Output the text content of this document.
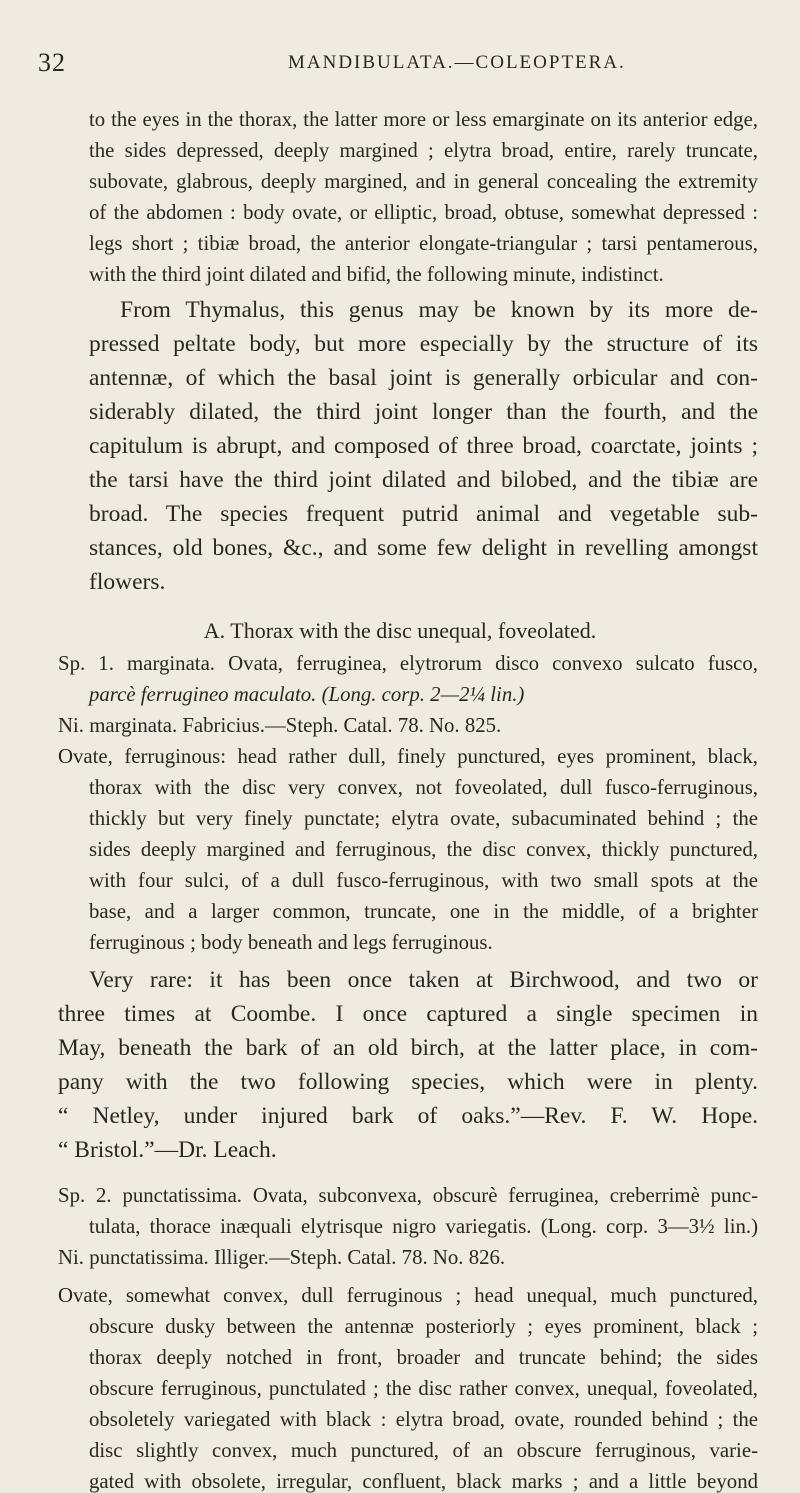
32	MANDIBULATA.—COLEOPTERA.
to the eyes in the thorax, the latter more or less emarginate on its anterior edge,
the sides depressed, deeply margined ; elytra broad, entire, rarely truncate,
subovate, glabrous, deeply margined, and in general concealing the extremity
of the abdomen : body ovate, or elliptic, broad, obtuse, somewhat depressed :
legs short ; tibiæ broad, the anterior elongate-triangular ; tarsi pentamerous,
with the third joint dilated and bifid, the following minute, indistinct.
From Thymalus, this genus may be known by its more de-
pressed peltate body, but more especially by the structure of its
antennæ, of which the basal joint is generally orbicular and con-
siderably dilated, the third joint longer than the fourth, and the
capitulum is abrupt, and composed of three broad, coarctate, joints ;
the tarsi have the third joint dilated and bilobed, and the tibiæ are
broad. The species frequent putrid animal and vegetable sub-
stances, old bones, &c., and some few delight in revelling amongst
flowers.
A. Thorax with the disc unequal, foveolated.
Sp. 1. marginata. Ovata, ferruginea, elytrorum disco convexo sulcato fusco,
parcè ferrugineo maculato. (Long. corp. 2—2¼ lin.)
Ni. marginata. Fabricius.—Steph. Catal. 78. No. 825.
Ovate, ferruginous: head rather dull, finely punctured, eyes prominent, black,
thorax with the disc very convex, not foveolated, dull fusco-ferruginous,
thickly but very finely punctate; elytra ovate, subacuminated behind ; the
sides deeply margined and ferruginous, the disc convex, thickly punctured,
with four sulci, of a dull fusco-ferruginous, with two small spots at the
base, and a larger common, truncate, one in the middle, of a brighter
ferruginous ; body beneath and legs ferruginous.
Very rare: it has been once taken at Birchwood, and two or
three times at Coombe. I once captured a single specimen in
May, beneath the bark of an old birch, at the latter place, in com-
pany with the two following species, which were in plenty.
“ Netley, under injured bark of oaks.”—Rev. F. W. Hope.
“ Bristol.”—Dr. Leach.
Sp. 2. punctatissima. Ovata, subconvexa, obscurè ferruginea, creberrimè punc-
tulata, thorace inæquali elytrisque nigro variegatis. (Long. corp. 3—3½ lin.)
Ni. punctatissima. Illiger.—Steph. Catal. 78. No. 826.
Ovate, somewhat convex, dull ferruginous ; head unequal, much punctured,
obscure dusky between the antennæ posteriorly ; eyes prominent, black ;
thorax deeply notched in front, broader and truncate behind; the sides
obscure ferruginous, punctulated ; the disc rather convex, unequal, foveolated,
obsoletely variegated with black : elytra broad, ovate, rounded behind ; the
disc slightly convex, much punctured, of an obscure ferruginous, varie-
gated with obsolete, irregular, confluent, black marks ; and a little beyond
